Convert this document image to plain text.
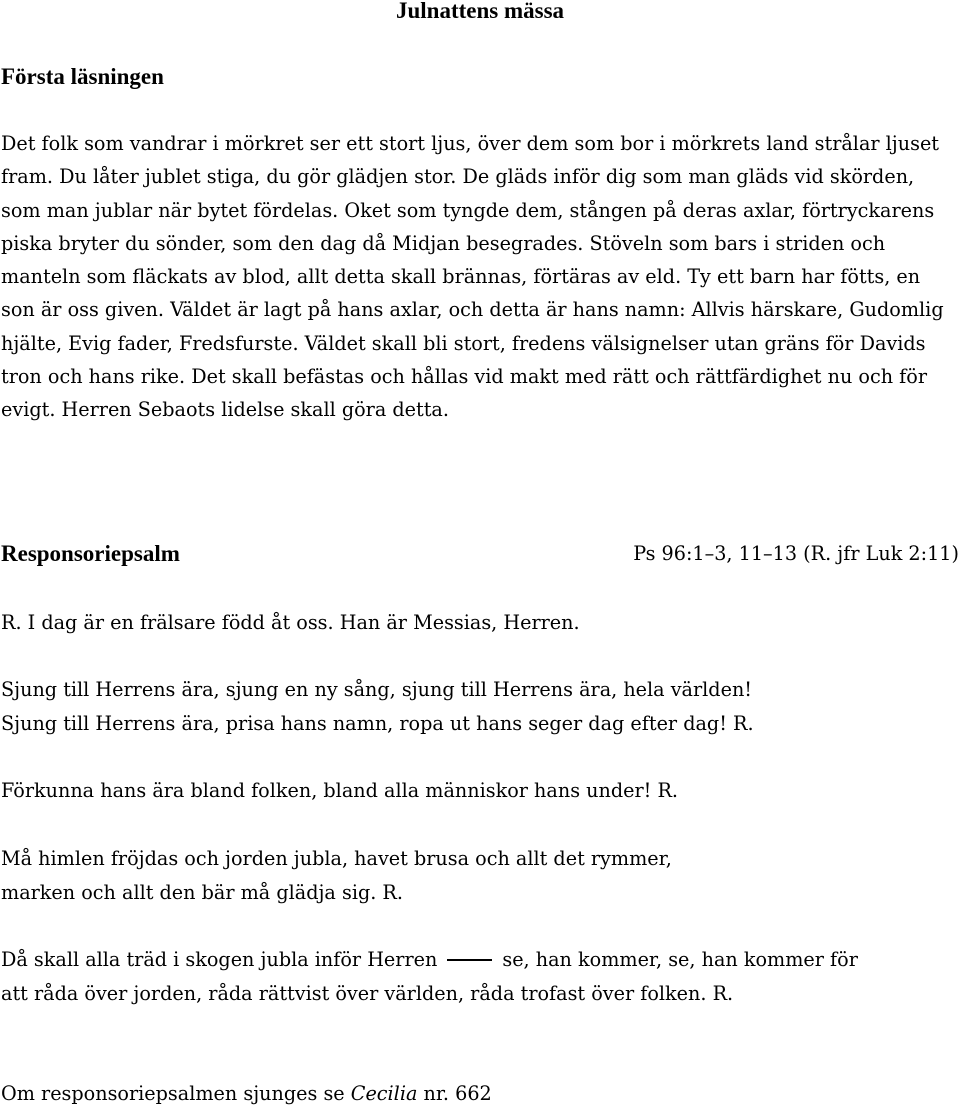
Julnattens mässa
Första läsningen

Det folk som vandrar i mörkret ser ett stort ljus, över dem som bor i mörkrets land strålar ljuset fram. Du låter jublet stiga, du gör glädjen stor. De gläds inför dig som man gläds vid skörden, som man jublar när bytet fördelas. Oket som tyngde dem, stången på deras axlar, förtryckarens piska bryter du sönder, som den dag då Midjan besegrades. Stöveln som bars i striden och manteln som fläckats av blod, allt detta skall brännas, förtäras av eld. Ty ett barn har fötts, en son är oss given. Väldet är lagt på hans axlar, och detta är hans namn: Allvis härskare, Gudomlig hjälte, Evig fader, Fredsfurste. Väldet skall bli stort, fredens välsignelser utan gräns för Davids tron och hans rike. Det skall befästas och hållas vid makt med rätt och rättfärdighet nu och för evigt. Herren Sebaots lidelse skall göra detta.

Responsoriepsalm	Ps 96:1–3, 11–13 (R. jfr Luk 2:11)
R. I dag är en frälsare född åt oss. Han är Messias, Herren.
Sjung till Herrens ära, sjung en ny sång, sjung till Herrens ära, hela världen!
Sjung till Herrens ära, prisa hans namn, ropa ut hans seger dag efter dag! R.
Förkunna hans ära bland folken, bland alla människor hans under! R.
Må himlen fröjdas och jorden jubla, havet brusa och allt det rymmer,
marken och allt den bär må glädja sig. R.
Då skall alla träd i skogen jubla inför Herren	se, han kommer, se, han kommer för
att råda över jorden, råda rättvist över världen, råda trofast över folken. R.
Om responsoriepsalmen sjunges se Cecilia nr. 662
